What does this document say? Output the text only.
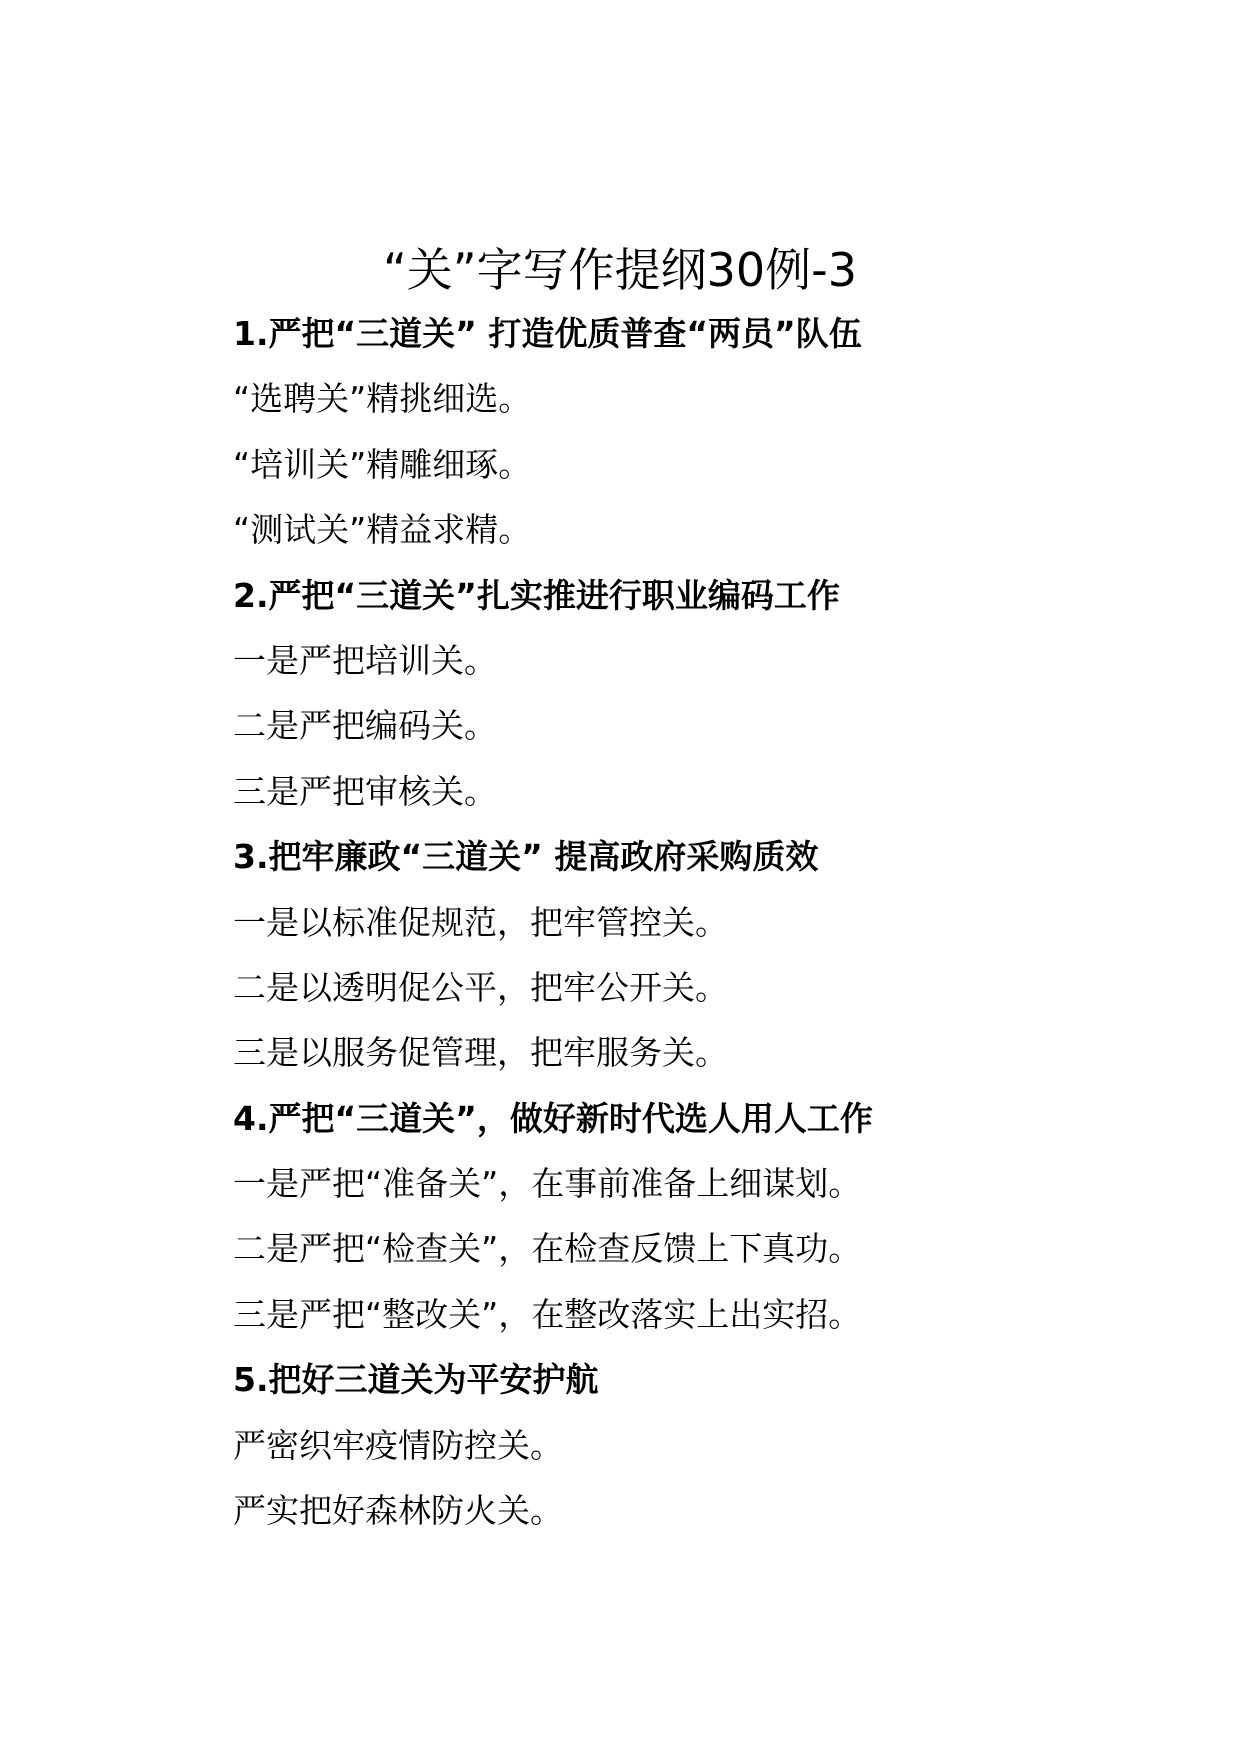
“关”字写作提纲30例-3

1.严把“三道关” 打造优质普查“两员”队伍

“选聘关”精挑细选。

“培训关”精雕细琢。

“测试关”精益求精。

2.严把“三道关”扎实推进行职业编码工作

一是严把培训关。

二是严把编码关。

三是严把审核关。

3.把牢廉政“三道关” 提高政府采购质效

一是以标准促规范，把牢管控关。

二是以透明促公平，把牢公开关。

三是以服务促管理，把牢服务关。

4.严把“三道关”，做好新时代选人用人工作

一是严把“准备关”，在事前准备上细谋划。

二是严把“检查关”，在检查反馈上下真功。

三是严把“整改关”，在整改落实上出实招。

5.把好三道关为平安护航

严密织牢疫情防控关。

严实把好森林防火关。
